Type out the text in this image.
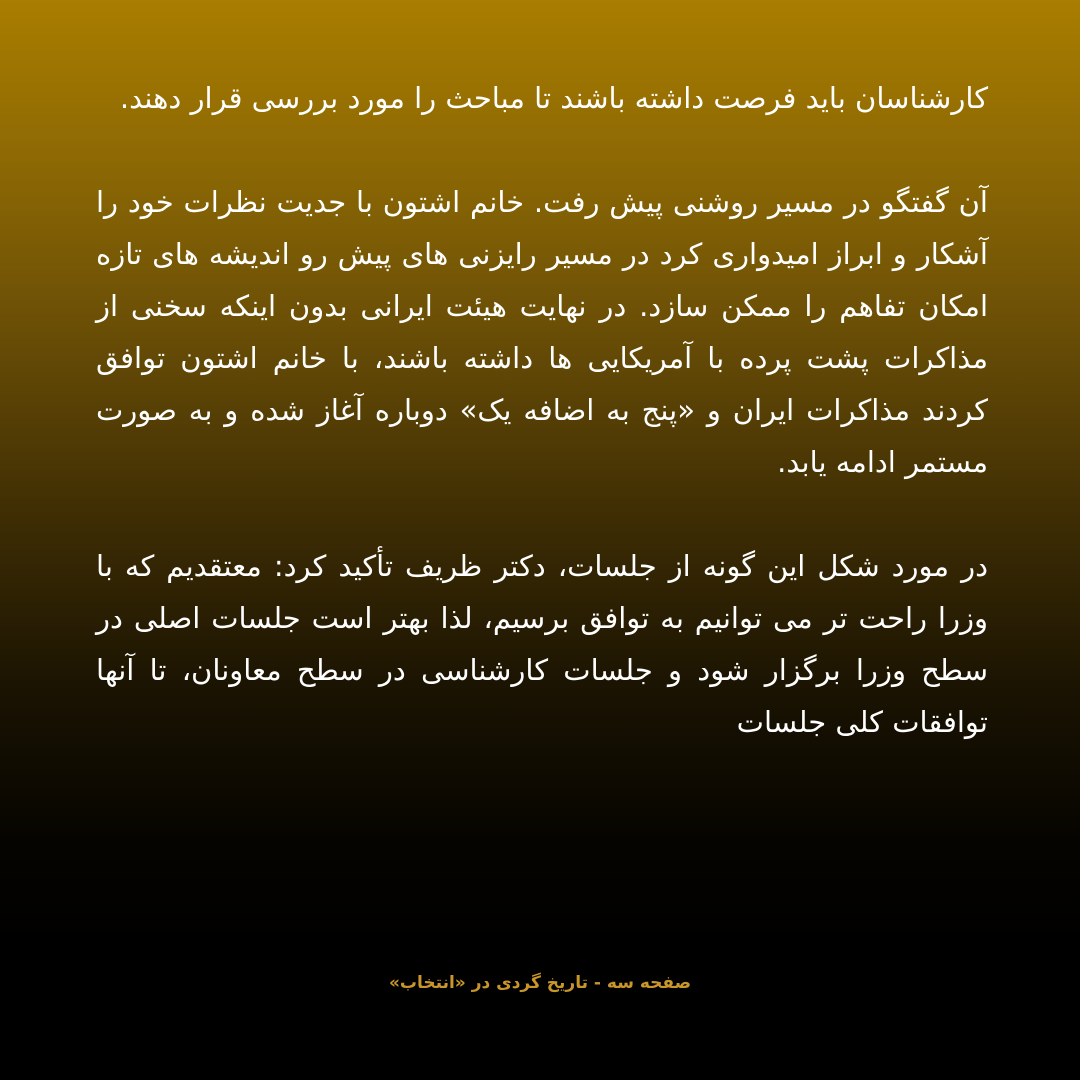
کارشناسان باید فرصت داشته باشند تا مباحث را مورد بررسی قرار دهند.

آن گفتگو در مسیر روشنی پیش رفت. خانم اشتون با جدیت نظرات خود را آشکار و ابراز امیدواری کرد در مسیر رایزنی های پیش رو اندیشه های تازه امکان تفاهم را ممکن سازد. در نهایت هیئت ایرانی بدون اینکه سخنی از مذاکرات پشت پرده با آمریکایی ها داشته باشند، با خانم اشتون توافق کردند مذاکرات ایران و «پنج به اضافه یک» دوباره آغاز شده و به صورت مستمر ادامه یابد.

در مورد شکل این گونه از جلسات، دکتر ظریف تأکید کرد: معتقدیم که با وزرا راحت تر می توانیم به توافق برسیم، لذا بهتر است جلسات اصلی در سطح وزرا برگزار شود و جلسات کارشناسی در سطح معاونان، تا آنها توافقات کلی جلسات

صفحه سه - تاریخ گردی در «انتخاب»
